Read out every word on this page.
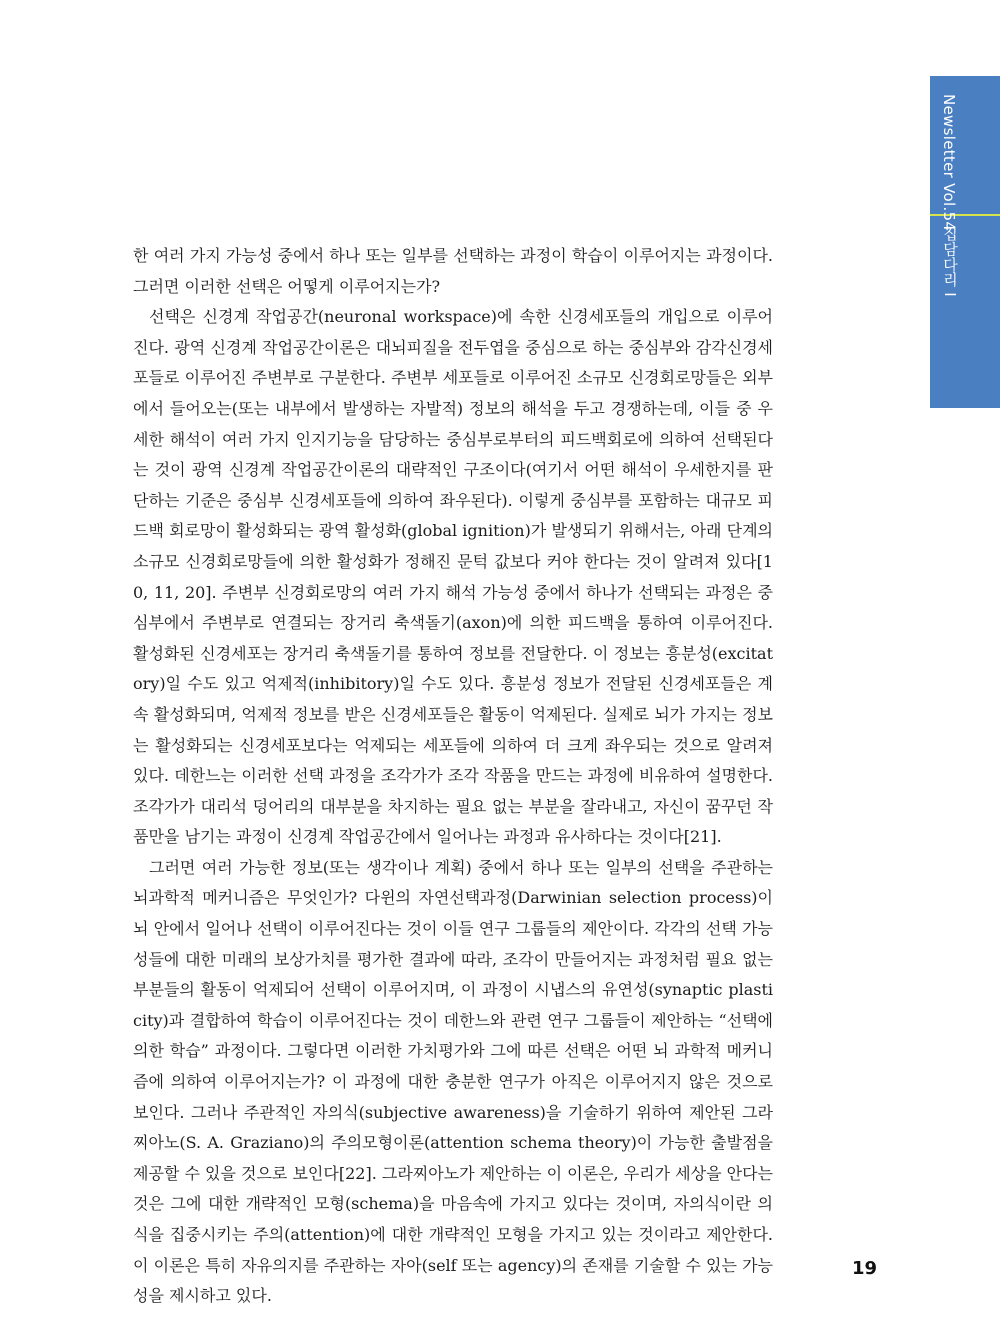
Newsletter Vol.54
집담다리 I

한 여러 가지 가능성 중에서 하나 또는 일부를 선택하는 과정이 학습이 이루어지는 과정이다. 그러면 이러한 선택은 어떻게 이루어지는가?

선택은 신경계 작업공간(neuronal workspace)에 속한 신경세포들의 개입으로 이루어진다. 광역 신경계 작업공간이론은 대뇌피질을 전두엽을 중심으로 하는 중심부와 감각신경세포들로 이루어진 주변부로 구분한다. 주변부 세포들로 이루어진 소규모 신경회로망들은 외부에서 들어오는(또는 내부에서 발생하는 자발적) 정보의 해석을 두고 경쟁하는데, 이들 중 우세한 해석이 여러 가지 인지기능을 담당하는 중심부로부터의 피드백회로에 의하여 선택된다는 것이 광역 신경계 작업공간이론의 대략적인 구조이다(여기서 어떤 해석이 우세한지를 판단하는 기준은 중심부 신경세포들에 의하여 좌우된다). 이렇게 중심부를 포함하는 대규모 피드백 회로망이 활성화되는 광역 활성화(global ignition)가 발생되기 위해서는, 아래 단계의 소규모 신경회로망들에 의한 활성화가 정해진 문턱 값보다 커야 한다는 것이 알려져 있다[10, 11, 20]. 주변부 신경회로망의 여러 가지 해석 가능성 중에서 하나가 선택되는 과정은 중심부에서 주변부로 연결되는 장거리 축색돌기(axon)에 의한 피드백을 통하여 이루어진다. 활성화된 신경세포는 장거리 축색돌기를 통하여 정보를 전달한다. 이 정보는 흥분성(excitatory)일 수도 있고 억제적(inhibitory)일 수도 있다. 흥분성 정보가 전달된 신경세포들은 계속 활성화되며, 억제적 정보를 받은 신경세포들은 활동이 억제된다. 실제로 뇌가 가지는 정보는 활성화되는 신경세포보다는 억제되는 세포들에 의하여 더 크게 좌우되는 것으로 알려져 있다. 데한느는 이러한 선택 과정을 조각가가 조각 작품을 만드는 과정에 비유하여 설명한다. 조각가가 대리석 덩어리의 대부분을 차지하는 필요 없는 부분을 잘라내고, 자신이 꿈꾸던 작품만을 남기는 과정이 신경계 작업공간에서 일어나는 과정과 유사하다는 것이다[21].

그러면 여러 가능한 정보(또는 생각이나 계획) 중에서 하나 또는 일부의 선택을 주관하는 뇌과학적 메커니즘은 무엇인가? 다윈의 자연선택과정(Darwinian selection process)이 뇌 안에서 일어나 선택이 이루어진다는 것이 이들 연구 그룹들의 제안이다. 각각의 선택 가능성들에 대한 미래의 보상가치를 평가한 결과에 따라, 조각이 만들어지는 과정처럼 필요 없는 부분들의 활동이 억제되어 선택이 이루어지며, 이 과정이 시냅스의 유연성(synaptic plasticity)과 결합하여 학습이 이루어진다는 것이 데한느와 관련 연구 그룹들이 제안하는 “선택에 의한 학습” 과정이다. 그렇다면 이러한 가치평가와 그에 따른 선택은 어떤 뇌 과학적 메커니즘에 의하여 이루어지는가? 이 과정에 대한 충분한 연구가 아직은 이루어지지 않은 것으로 보인다. 그러나 주관적인 자의식(subjective awareness)을 기술하기 위하여 제안된 그라찌아노(S. A. Graziano)의 주의모형이론(attention schema theory)이 가능한 출발점을 제공할 수 있을 것으로 보인다[22]. 그라찌아노가 제안하는 이 이론은, 우리가 세상을 안다는 것은 그에 대한 개략적인 모형(schema)을 마음속에 가지고 있다는 것이며, 자의식이란 의식을 집중시키는 주의(attention)에 대한 개략적인 모형을 가지고 있는 것이라고 제안한다. 이 이론은 특히 자유의지를 주관하는 자아(self 또는 agency)의 존재를 기술할 수 있는 가능성을 제시하고 있다.

19
